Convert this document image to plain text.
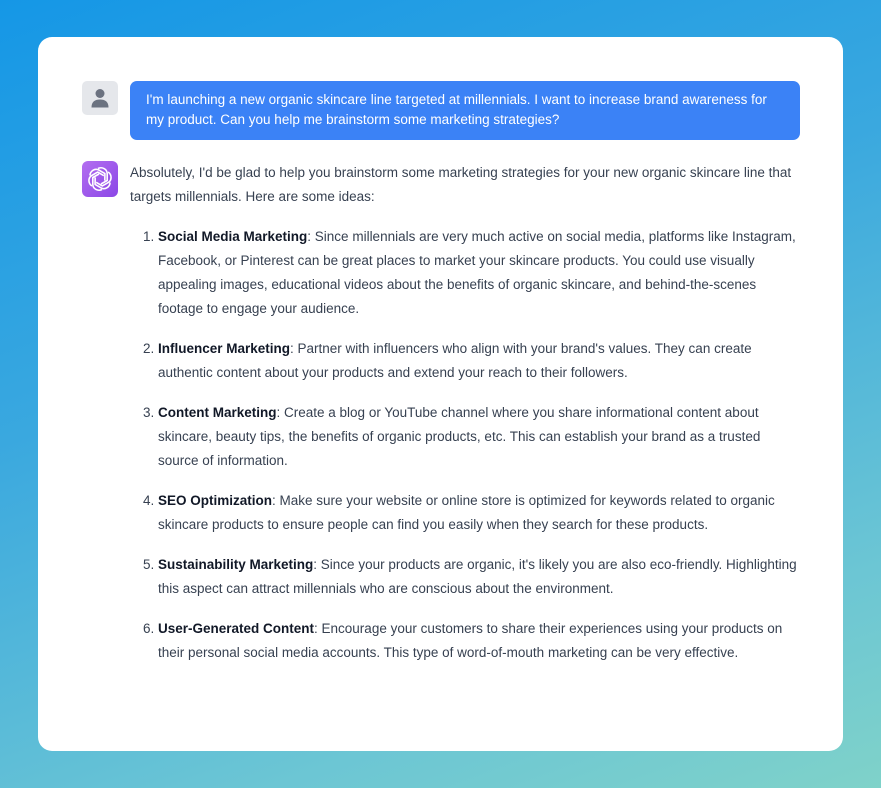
I'm launching a new organic skincare line targeted at millennials. I want to increase brand awareness for my product. Can you help me brainstorm some marketing strategies?

Absolutely, I'd be glad to help you brainstorm some marketing strategies for your new organic skincare line that targets millennials. Here are some ideas:

1. Social Media Marketing: Since millennials are very much active on social media, platforms like Instagram, Facebook, or Pinterest can be great places to market your skincare products. You could use visually appealing images, educational videos about the benefits of organic skincare, and behind-the-scenes footage to engage your audience.
2. Influencer Marketing: Partner with influencers who align with your brand's values. They can create authentic content about your products and extend your reach to their followers.
3. Content Marketing: Create a blog or YouTube channel where you share informational content about skincare, beauty tips, the benefits of organic products, etc. This can establish your brand as a trusted source of information.
4. SEO Optimization: Make sure your website or online store is optimized for keywords related to organic skincare products to ensure people can find you easily when they search for these products.
5. Sustainability Marketing: Since your products are organic, it's likely you are also eco-friendly. Highlighting this aspect can attract millennials who are conscious about the environment.
6. User-Generated Content: Encourage your customers to share their experiences using your products on their personal social media accounts. This type of word-of-mouth marketing can be very effective.
